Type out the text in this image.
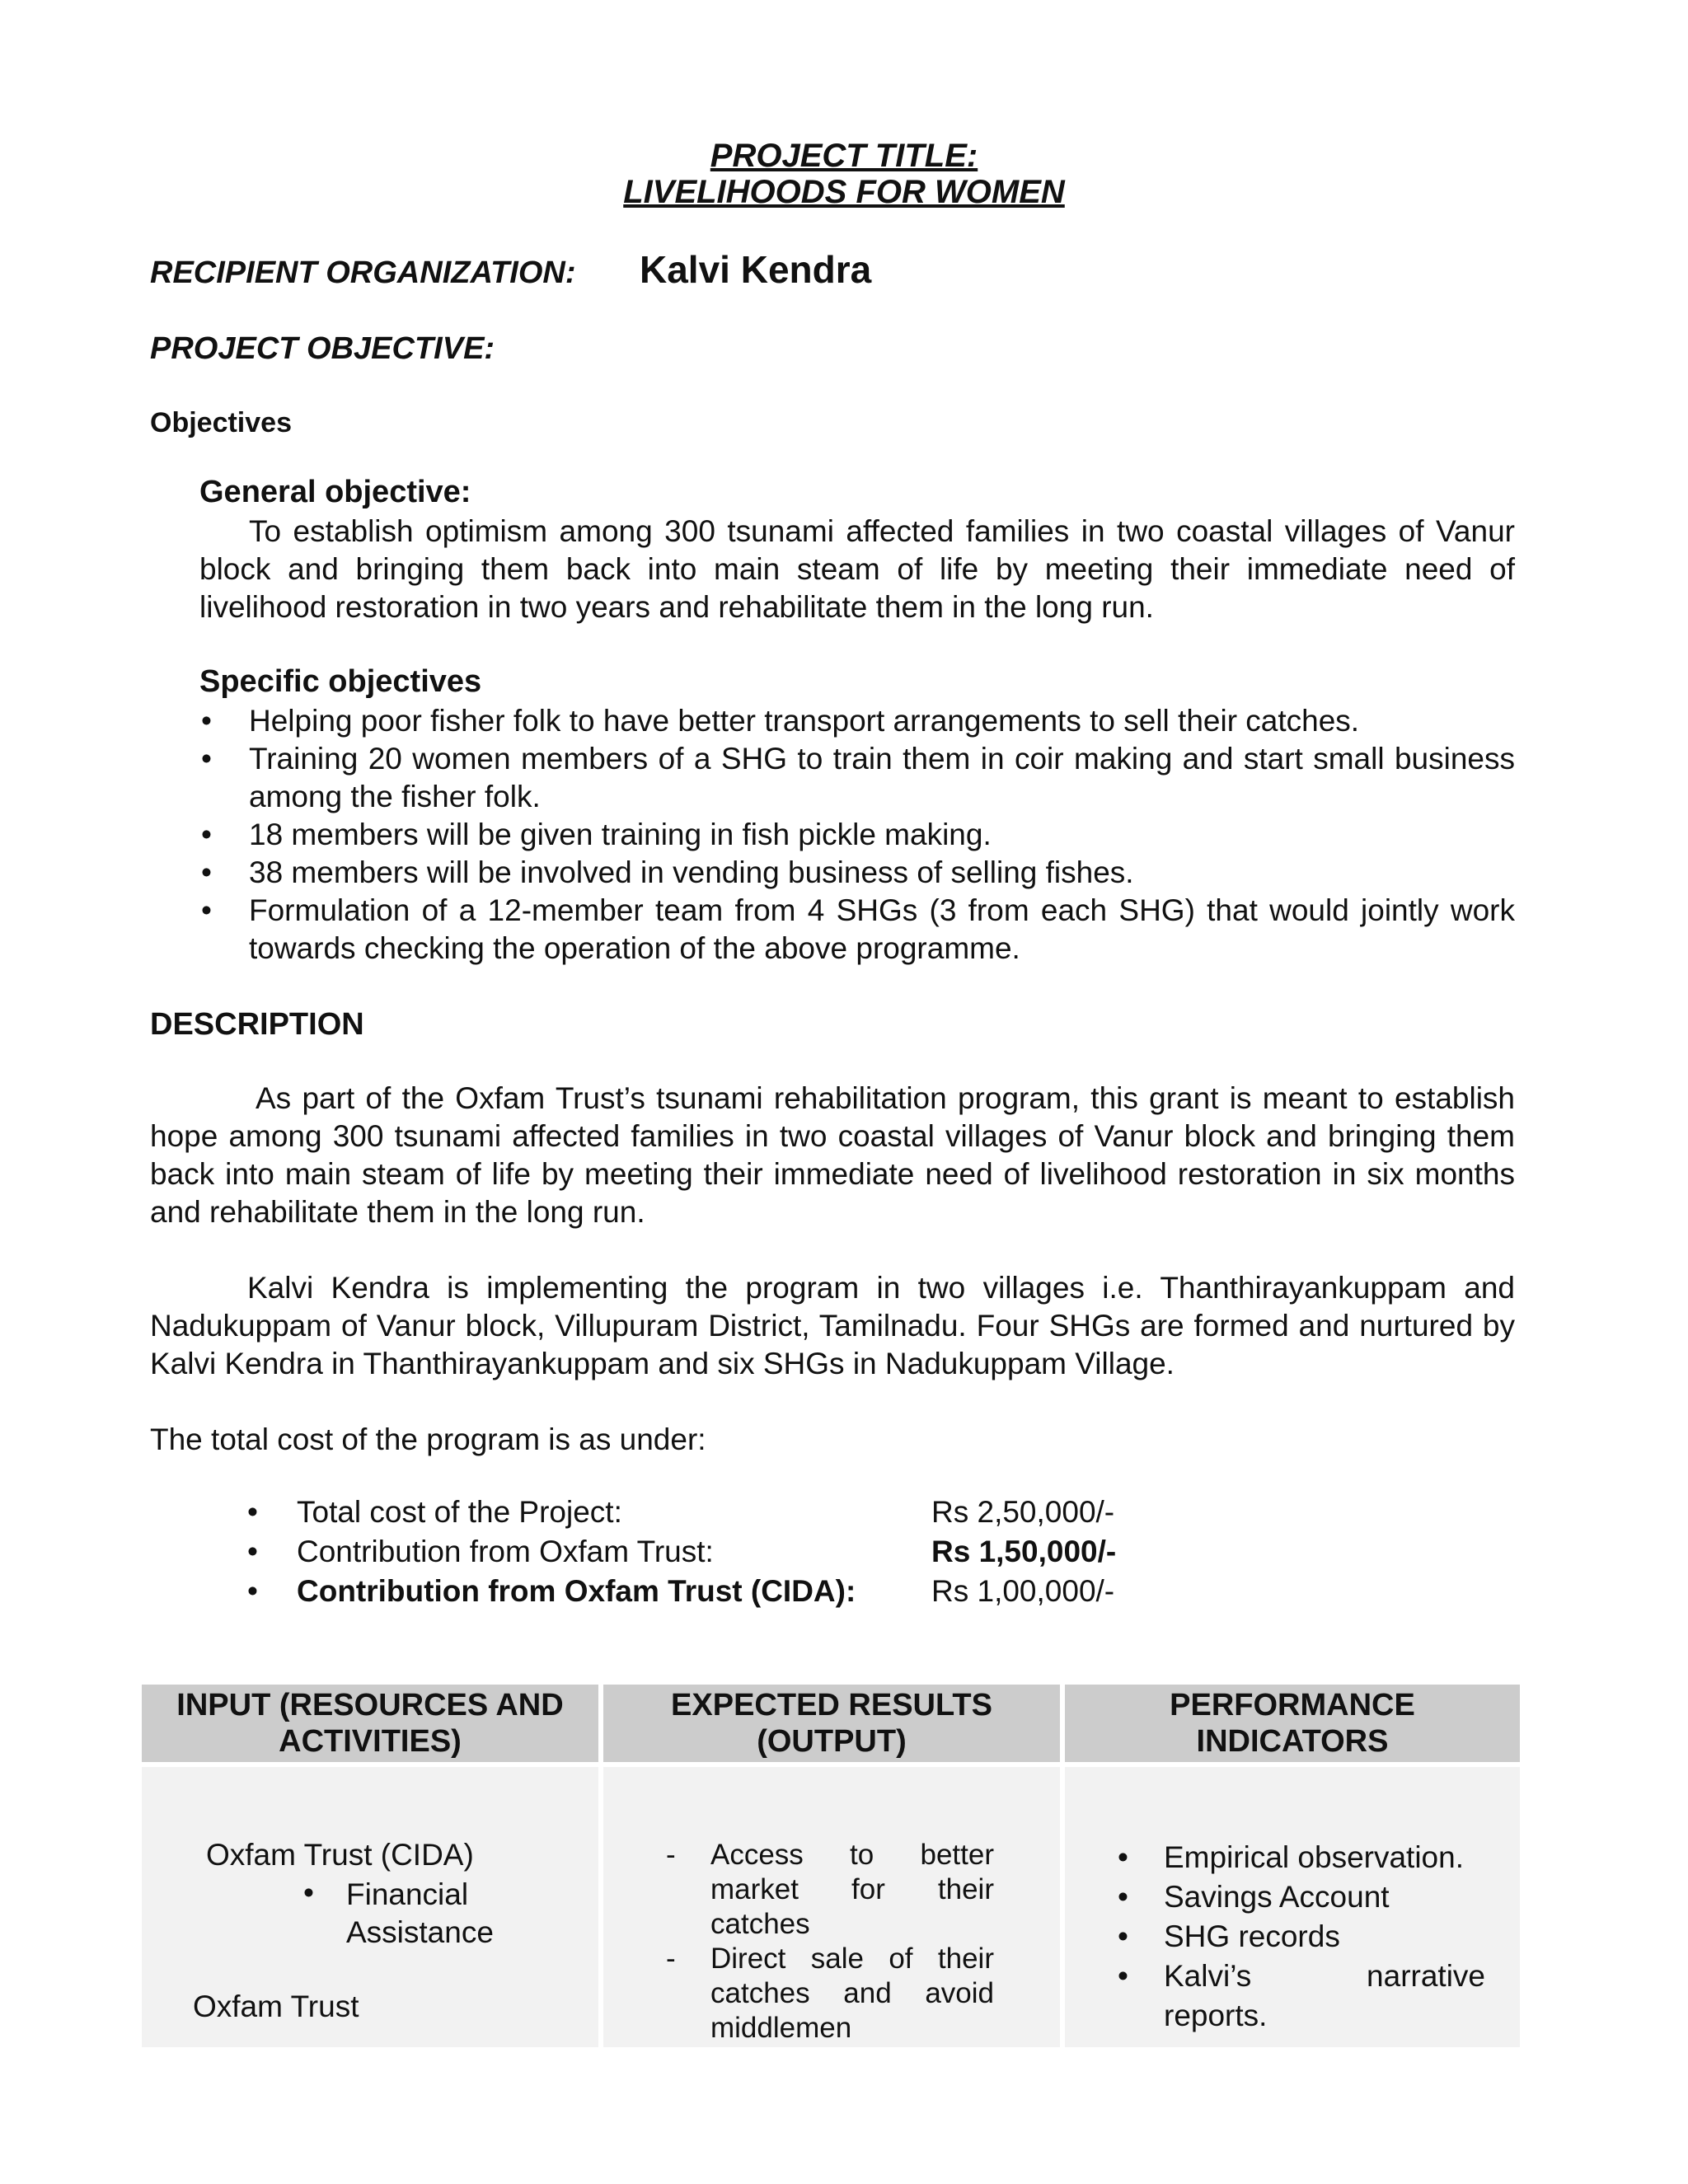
PROJECT TITLE:
LIVELIHOODS FOR WOMEN
RECIPIENT ORGANIZATION: Kalvi Kendra
PROJECT OBJECTIVE:
Objectives
General objective:
To establish optimism among 300 tsunami affected families in two coastal villages of Vanur block and bringing them back into main steam of life by meeting their immediate need of livelihood restoration in two years and rehabilitate them in the long run.
Specific objectives
• Helping poor fisher folk to have better transport arrangements to sell their catches.
• Training 20 women members of a SHG to train them in coir making and start small business among the fisher folk.
• 18 members will be given training in fish pickle making.
• 38 members will be involved in vending business of selling fishes.
• Formulation of a 12-member team from 4 SHGs (3 from each SHG) that would jointly work towards checking the operation of the above programme.
DESCRIPTION
As part of the Oxfam Trust’s tsunami rehabilitation program, this grant is meant to establish hope among 300 tsunami affected families in two coastal villages of Vanur block and bringing them back into main steam of life by meeting their immediate need of livelihood restoration in six months and rehabilitate them in the long run.
Kalvi Kendra is implementing the program in two villages i.e. Thanthirayankuppam and Nadukuppam of Vanur block, Villupuram District, Tamilnadu. Four SHGs are formed and nurtured by Kalvi Kendra in Thanthirayankuppam and six SHGs in Nadukuppam Village.
The total cost of the program is as under:
• Total cost of the Project:	Rs 2,50,000/-
• Contribution from Oxfam Trust:	Rs 1,50,000/-
• Contribution from Oxfam Trust (CIDA): Rs 1,00,000/-
INPUT (RESOURCES AND
ACTIVITIES)
EXPECTED RESULTS
(OUTPUT)
PERFORMANCE
INDICATORS
Oxfam Trust (CIDA)
• Financial Assistance
Oxfam Trust
- Access to better market for their catches
- Direct sale of their catches and avoid middlemen
• Empirical observation.
• Savings Account
• SHG records
• Kalvi’s narrative reports.
